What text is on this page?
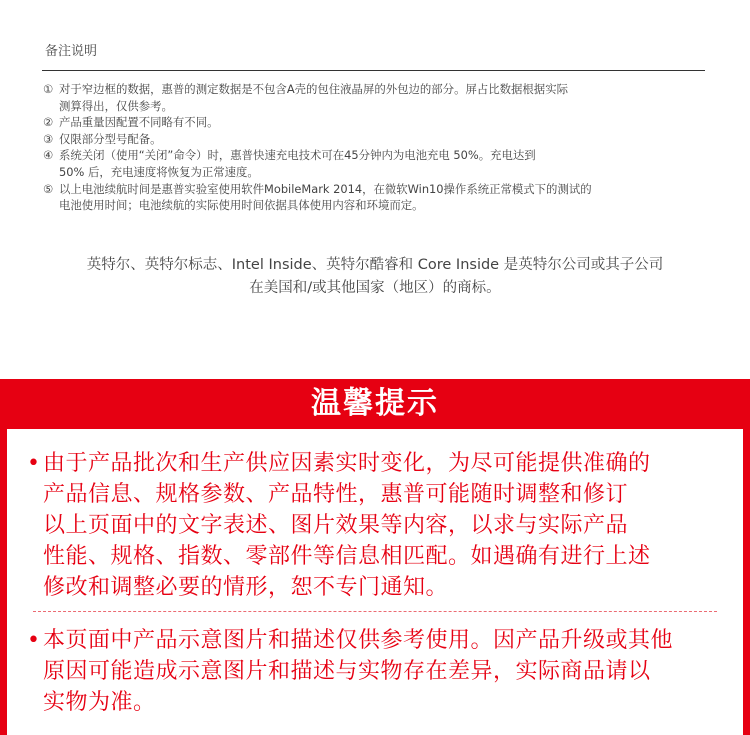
备注说明
① 对于窄边框的数据，惠普的测定数据是不包含A壳的包住液晶屏的外包边的部分。屏占比数据根据实际
测算得出，仅供参考。
② 产品重量因配置不同略有不同。
③ 仅限部分型号配备。
④ 系统关闭（使用“关闭”命令）时，惠普快速充电技术可在45分钟内为电池充电 50%。充电达到
50% 后，充电速度将恢复为正常速度。
⑤ 以上电池续航时间是惠普实验室使用软件MobileMark 2014，在微软Win10操作系统正常模式下的测试的
电池使用时间；电池续航的实际使用时间依据具体使用内容和环境而定。
英特尔、英特尔标志、Intel Inside、英特尔酷睿和 Core Inside 是英特尔公司或其子公司
在美国和/或其他国家（地区）的商标。
温馨提示
• 由于产品批次和生产供应因素实时变化，为尽可能提供准确的
产品信息、规格参数、产品特性，惠普可能随时调整和修订
以上页面中的文字表述、图片效果等内容，以求与实际产品
性能、规格、指数、零部件等信息相匹配。如遇确有进行上述
修改和调整必要的情形，恕不专门通知。
• 本页面中产品示意图片和描述仅供参考使用。因产品升级或其他
原因可能造成示意图片和描述与实物存在差异，实际商品请以
实物为准。
